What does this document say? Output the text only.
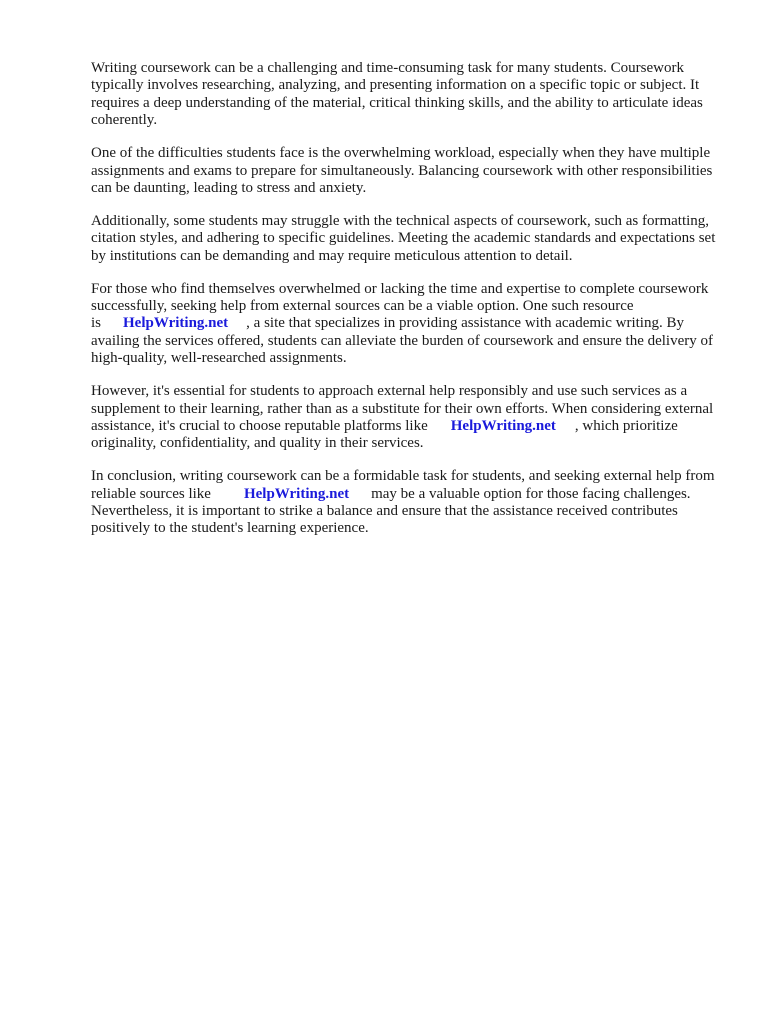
Writing coursework can be a challenging and time-consuming task for many students. Coursework typically involves researching, analyzing, and presenting information on a specific topic or subject. It requires a deep understanding of the material, critical thinking skills, and the ability to articulate ideas coherently.

One of the difficulties students face is the overwhelming workload, especially when they have multiple assignments and exams to prepare for simultaneously. Balancing coursework with other responsibilities can be daunting, leading to stress and anxiety.

Additionally, some students may struggle with the technical aspects of coursework, such as formatting, citation styles, and adhering to specific guidelines. Meeting the academic standards and expectations set by institutions can be demanding and may require meticulous attention to detail.

For those who find themselves overwhelmed or lacking the time and expertise to complete coursework successfully, seeking help from external sources can be a viable option. One such resource is HelpWriting.net , a site that specializes in providing assistance with academic writing. By availing the services offered, students can alleviate the burden of coursework and ensure the delivery of high-quality, well-researched assignments.

However, it's essential for students to approach external help responsibly and use such services as a supplement to their learning, rather than as a substitute for their own efforts. When considering external assistance, it's crucial to choose reputable platforms like HelpWriting.net , which prioritize originality, confidentiality, and quality in their services.

In conclusion, writing coursework can be a formidable task for students, and seeking external help from reliable sources like HelpWriting.net may be a valuable option for those facing challenges. Nevertheless, it is important to strike a balance and ensure that the assistance received contributes positively to the student's learning experience.
